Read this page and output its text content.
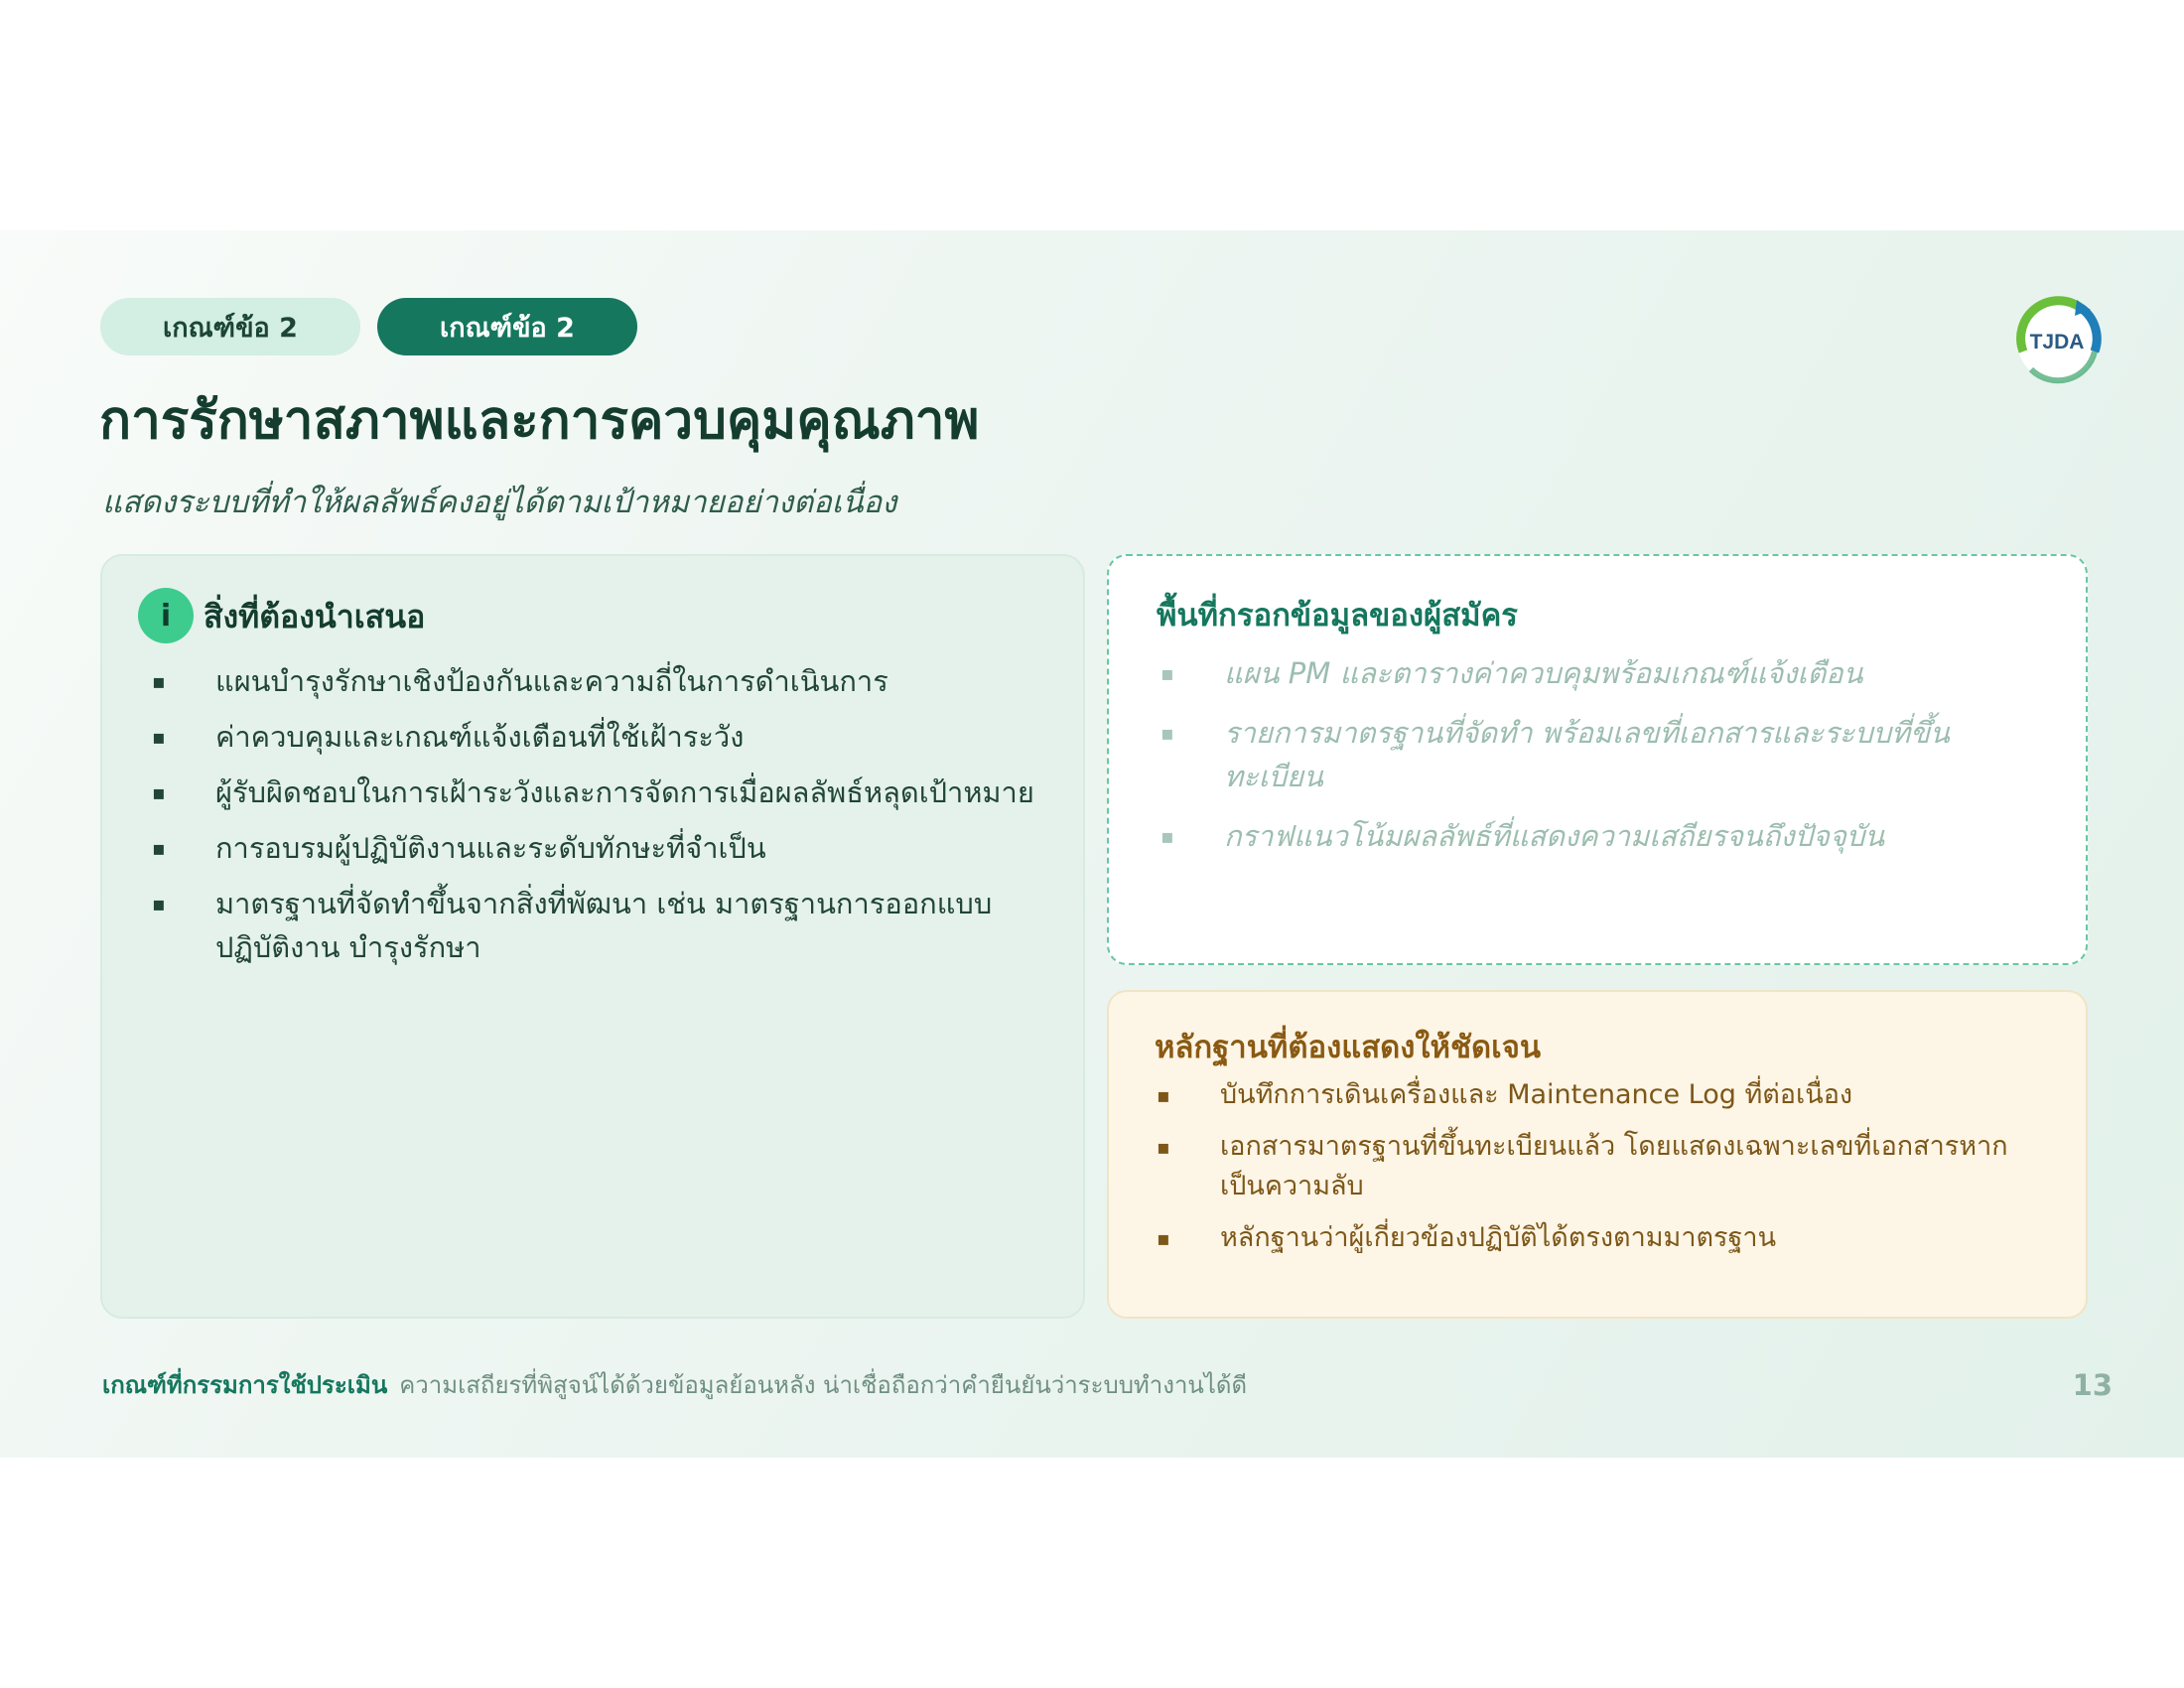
เกณฑ์ข้อ 2	เกณฑ์ข้อ 2	TJDA
การรักษาสภาพและการควบคุมคุณภาพ
แสดงระบบที่ทำให้ผลลัพธ์คงอยู่ได้ตามเป้าหมายอย่างต่อเนื่อง
i	สิ่งที่ต้องนำเสนอ
▪ แผนบำรุงรักษาเชิงป้องกันและความถี่ในการดำเนินการ
▪ ค่าควบคุมและเกณฑ์แจ้งเตือนที่ใช้เฝ้าระวัง
▪ ผู้รับผิดชอบในการเฝ้าระวังและการจัดการเมื่อผลลัพธ์หลุดเป้าหมาย
▪ การอบรมผู้ปฏิบัติงานและระดับทักษะที่จำเป็น
▪ มาตรฐานที่จัดทำขึ้นจากสิ่งที่พัฒนา เช่น มาตรฐานการออกแบบ ปฏิบัติงาน บำรุงรักษา
พื้นที่กรอกข้อมูลของผู้สมัคร
▪ แผน PM และตารางค่าควบคุมพร้อมเกณฑ์แจ้งเตือน
▪ รายการมาตรฐานที่จัดทำ พร้อมเลขที่เอกสารและระบบที่ขึ้นทะเบียน
▪ กราฟแนวโน้มผลลัพธ์ที่แสดงความเสถียรจนถึงปัจจุบัน
หลักฐานที่ต้องแสดงให้ชัดเจน
▪ บันทึกการเดินเครื่องและ Maintenance Log ที่ต่อเนื่อง
▪ เอกสารมาตรฐานที่ขึ้นทะเบียนแล้ว โดยแสดงเฉพาะเลขที่เอกสารหากเป็นความลับ
▪ หลักฐานว่าผู้เกี่ยวข้องปฏิบัติได้ตรงตามมาตรฐาน
เกณฑ์ที่กรรมการใช้ประเมิน ความเสถียรที่พิสูจน์ได้ด้วยข้อมูลย้อนหลัง น่าเชื่อถือกว่าคำยืนยันว่าระบบทำงานได้ดี	13
